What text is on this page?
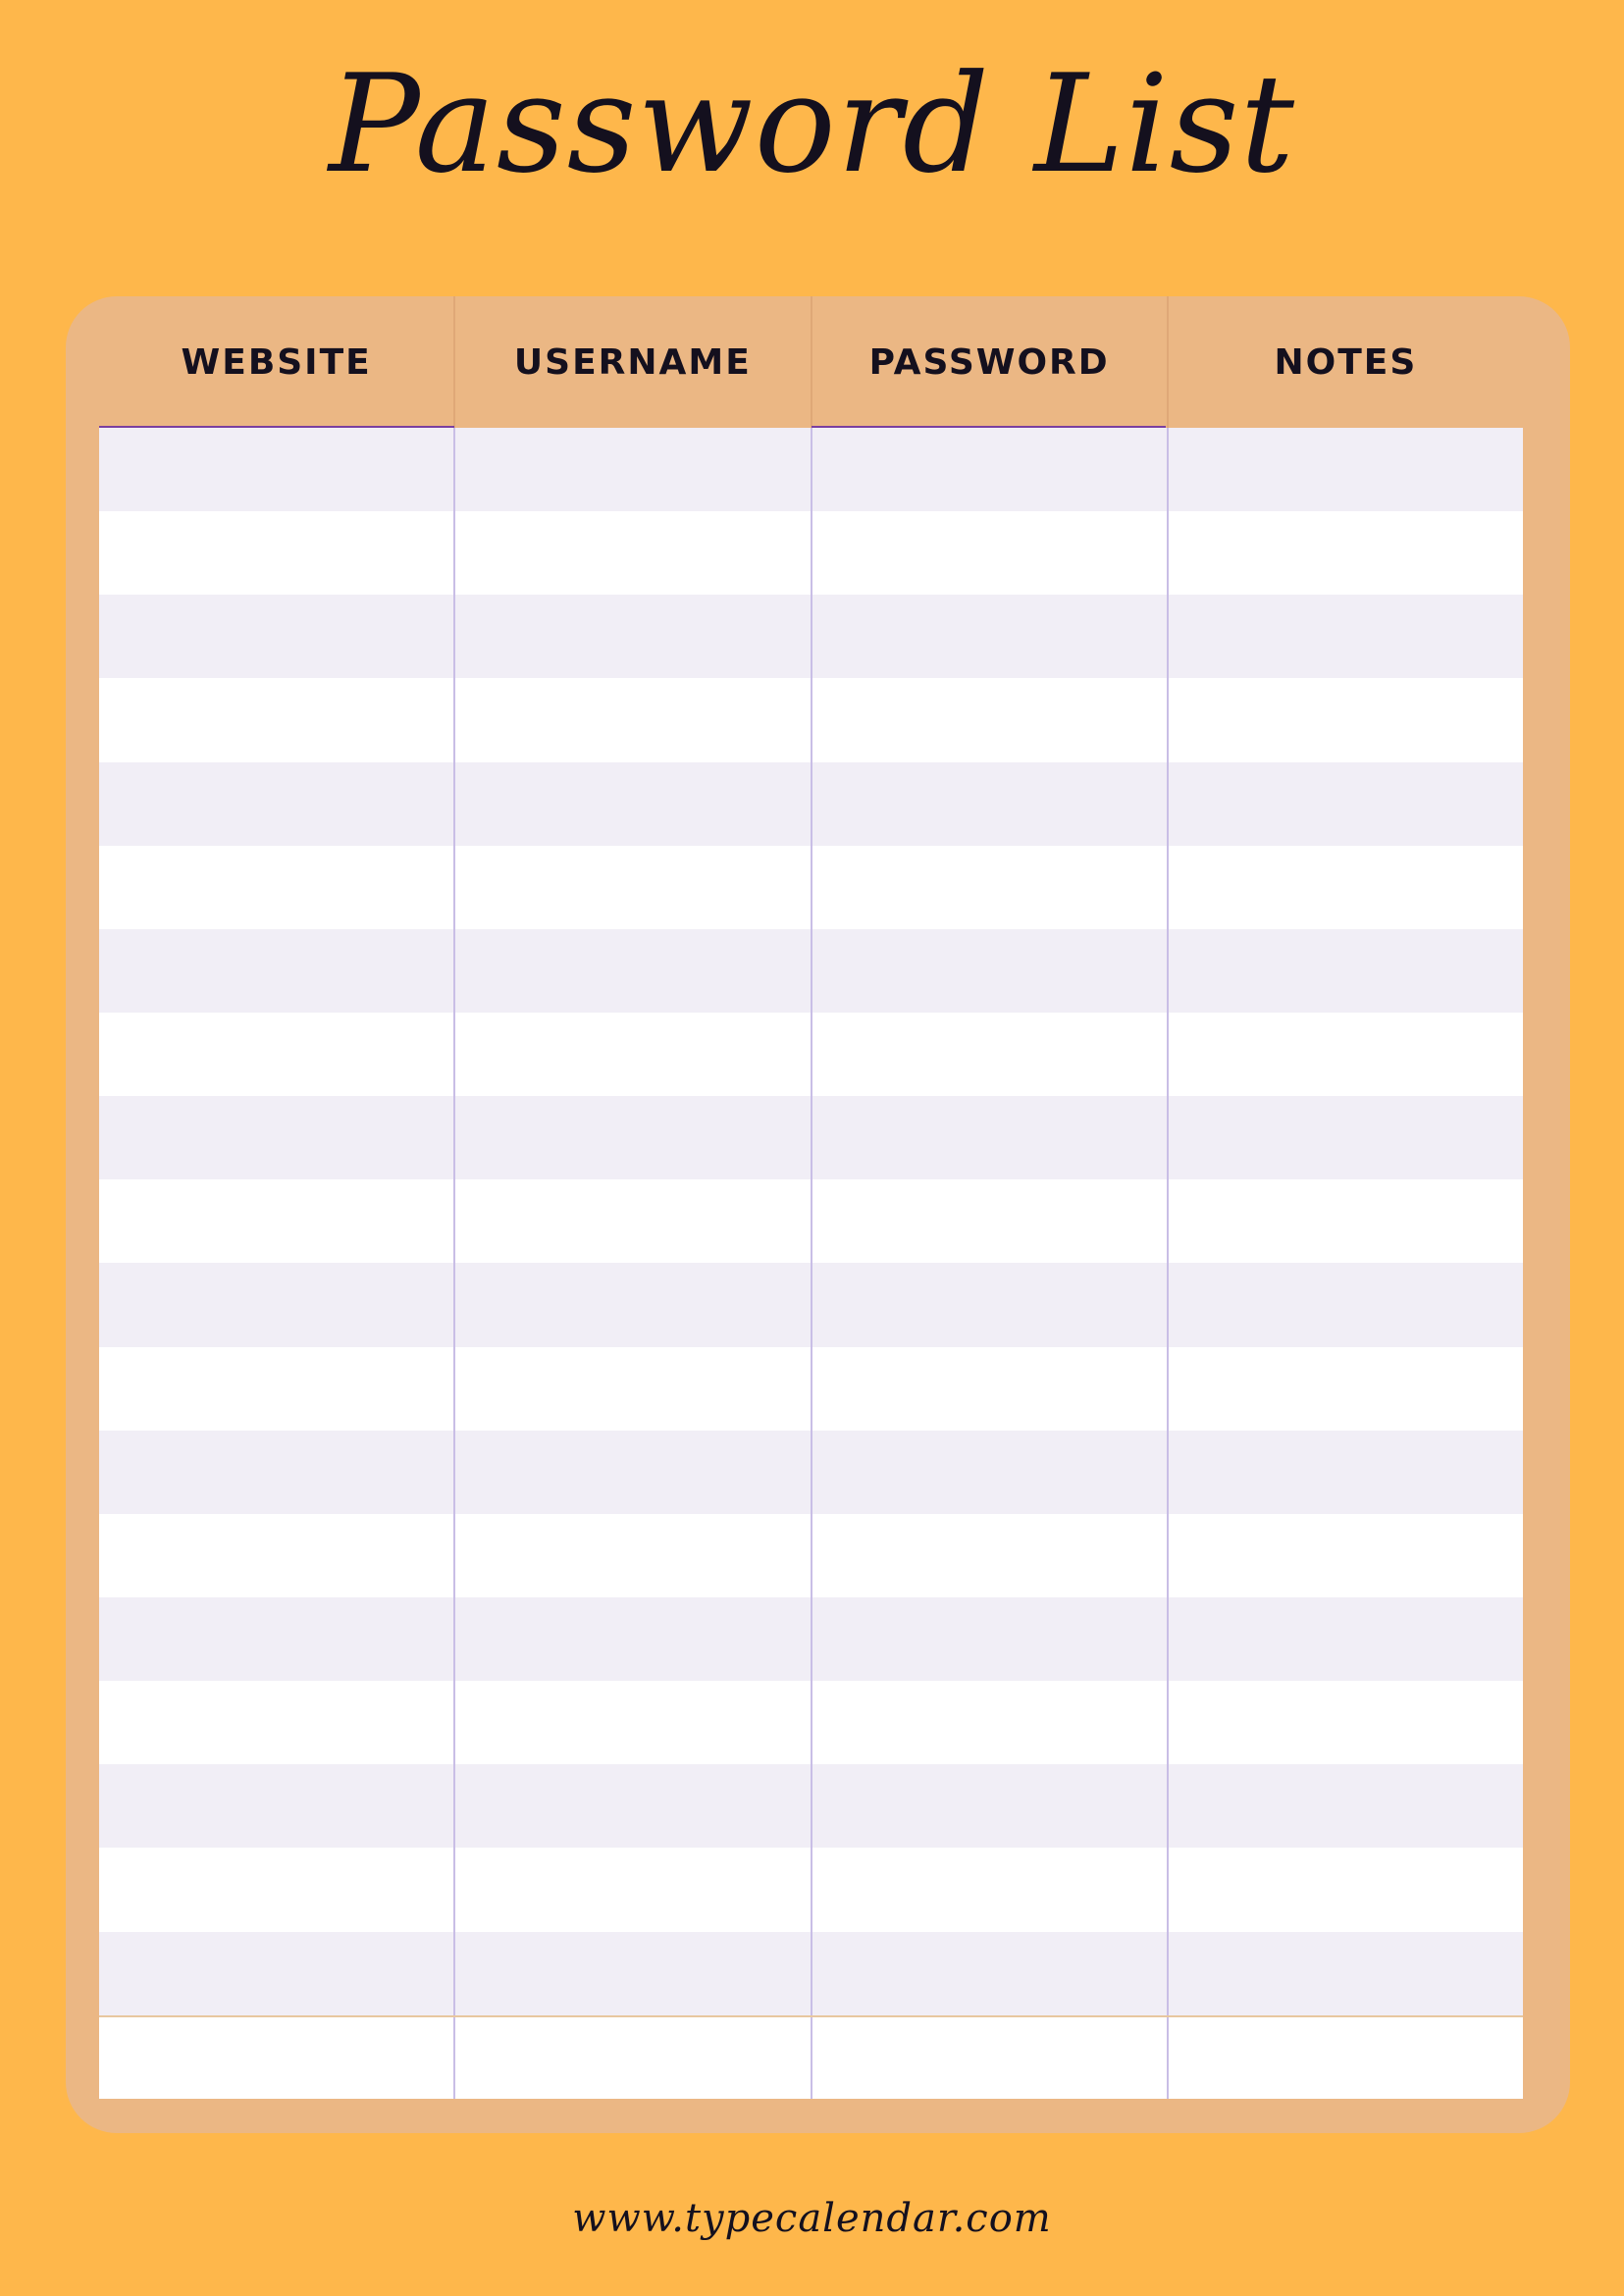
Password List
WEBSITE	USERNAME	PASSWORD	NOTES
www.typecalendar.com
